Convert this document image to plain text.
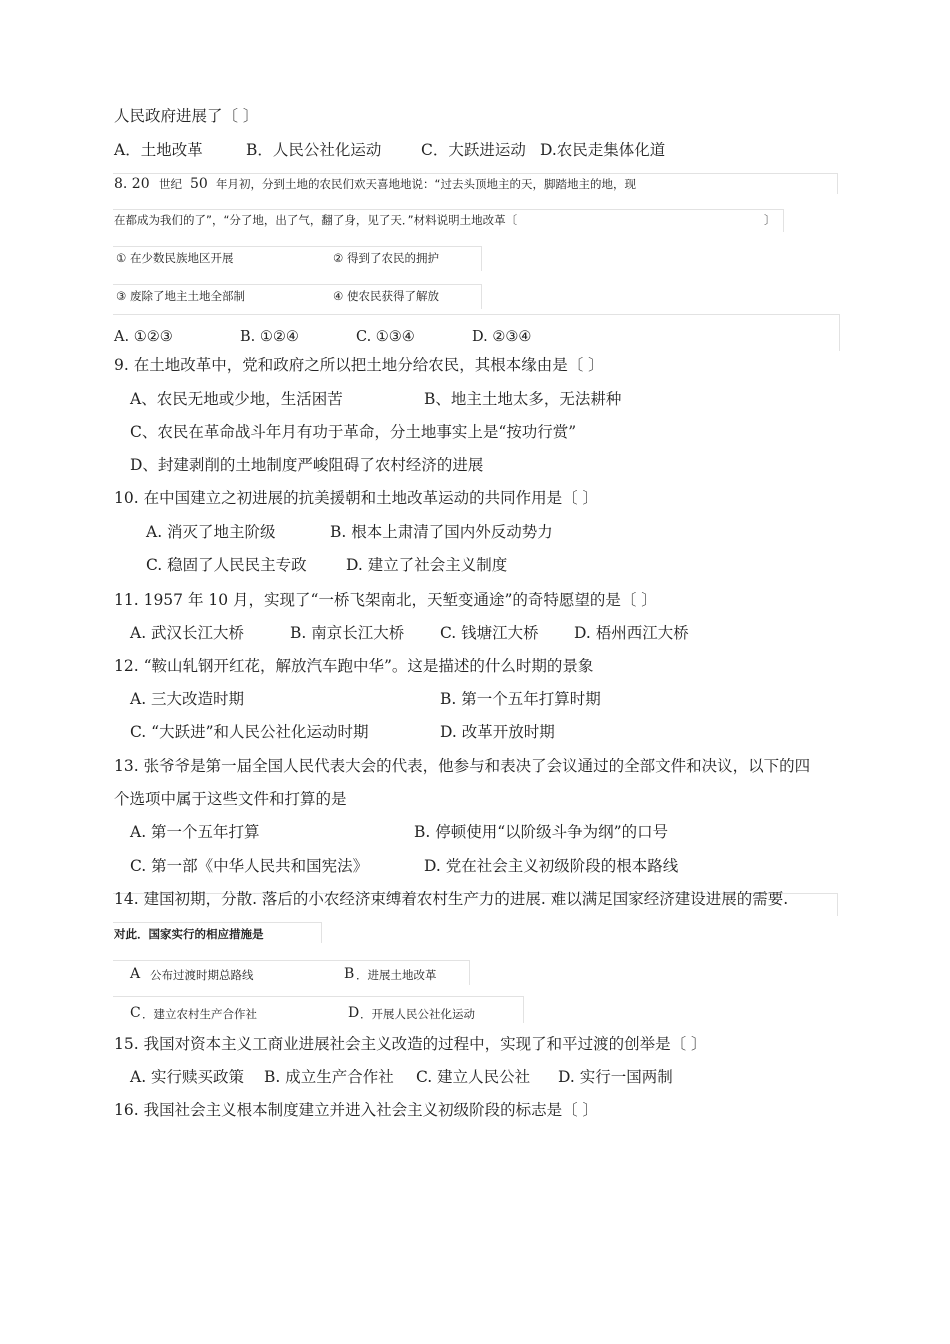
人民政府进展了〔 〕
A．土地改革	B．人民公社化运动	C．大跃进运动 D.农民走集体化道
8. 20 世纪 50 年月初，分到土地的农民们欢天喜地地说：“过去头顶地主的天，脚踏地主的地，现
在都成为我们的了”，“分了地，出了气，翻了身，见了天．”材料说明土地改革〔	〕
① 在少数民族地区开展	② 得到了农民的拥护
③ 废除了地主土地全部制	④ 使农民获得了解放
A. ①②③	B. ①②④	C. ①③④	D. ②③④
9. 在土地改革中，党和政府之所以把土地分给农民，其根本缘由是〔 〕
A、农民无地或少地，生活困苦	B、地主土地太多，无法耕种
C、农民在革命战斗年月有功于革命，分土地事实上是“按功行赏”
D、封建剥削的土地制度严峻阻碍了农村经济的进展
10. 在中国建立之初进展的抗美援朝和土地改革运动的共同作用是〔 〕
A. 消灭了地主阶级	B. 根本上肃清了国内外反动势力
C. 稳固了人民民主专政	D. 建立了社会主义制度
11. 1957 年 10 月，实现了“一桥飞架南北，天堑变通途”的奇特愿望的是〔 〕
A. 武汉长江大桥	B. 南京长江大桥 C. 钱塘江大桥 D. 梧州西江大桥
12. “鞍山轧钢开红花，解放汽车跑中华”。这是描述的什么时期的景象
A. 三大改造时期	B. 第一个五年打算时期
C. “大跃进”和人民公社化运动时期	D. 改革开放时期
13. 张爷爷是第一届全国人民代表大会的代表，他参与和表决了会议通过的全部文件和决议，以下的四
个选项中属于这些文件和打算的是
A. 第一个五年打算	B. 停顿使用“以阶级斗争为纲”的口号
C. 第一部《中华人民共和国宪法》	D. 党在社会主义初级阶段的根本路线
14. 建国初期，分散. 落后的小农经济束缚着农村生产力的进展. 难以满足国家经济建设进展的需要.
对此．国家实行的相应措施是
A 公布过渡时期总路线	B ．进展土地改革
C ．建立农村生产合作社	D ．开展人民公社化运动
15. 我国对资本主义工商业进展社会主义改造的过程中，实现了和平过渡的创举是〔 〕
A. 实行赎买政策 B. 成立生产合作社 C. 建立人民公社 D. 实行一国两制
16. 我国社会主义根本制度建立并进入社会主义初级阶段的标志是〔 〕
